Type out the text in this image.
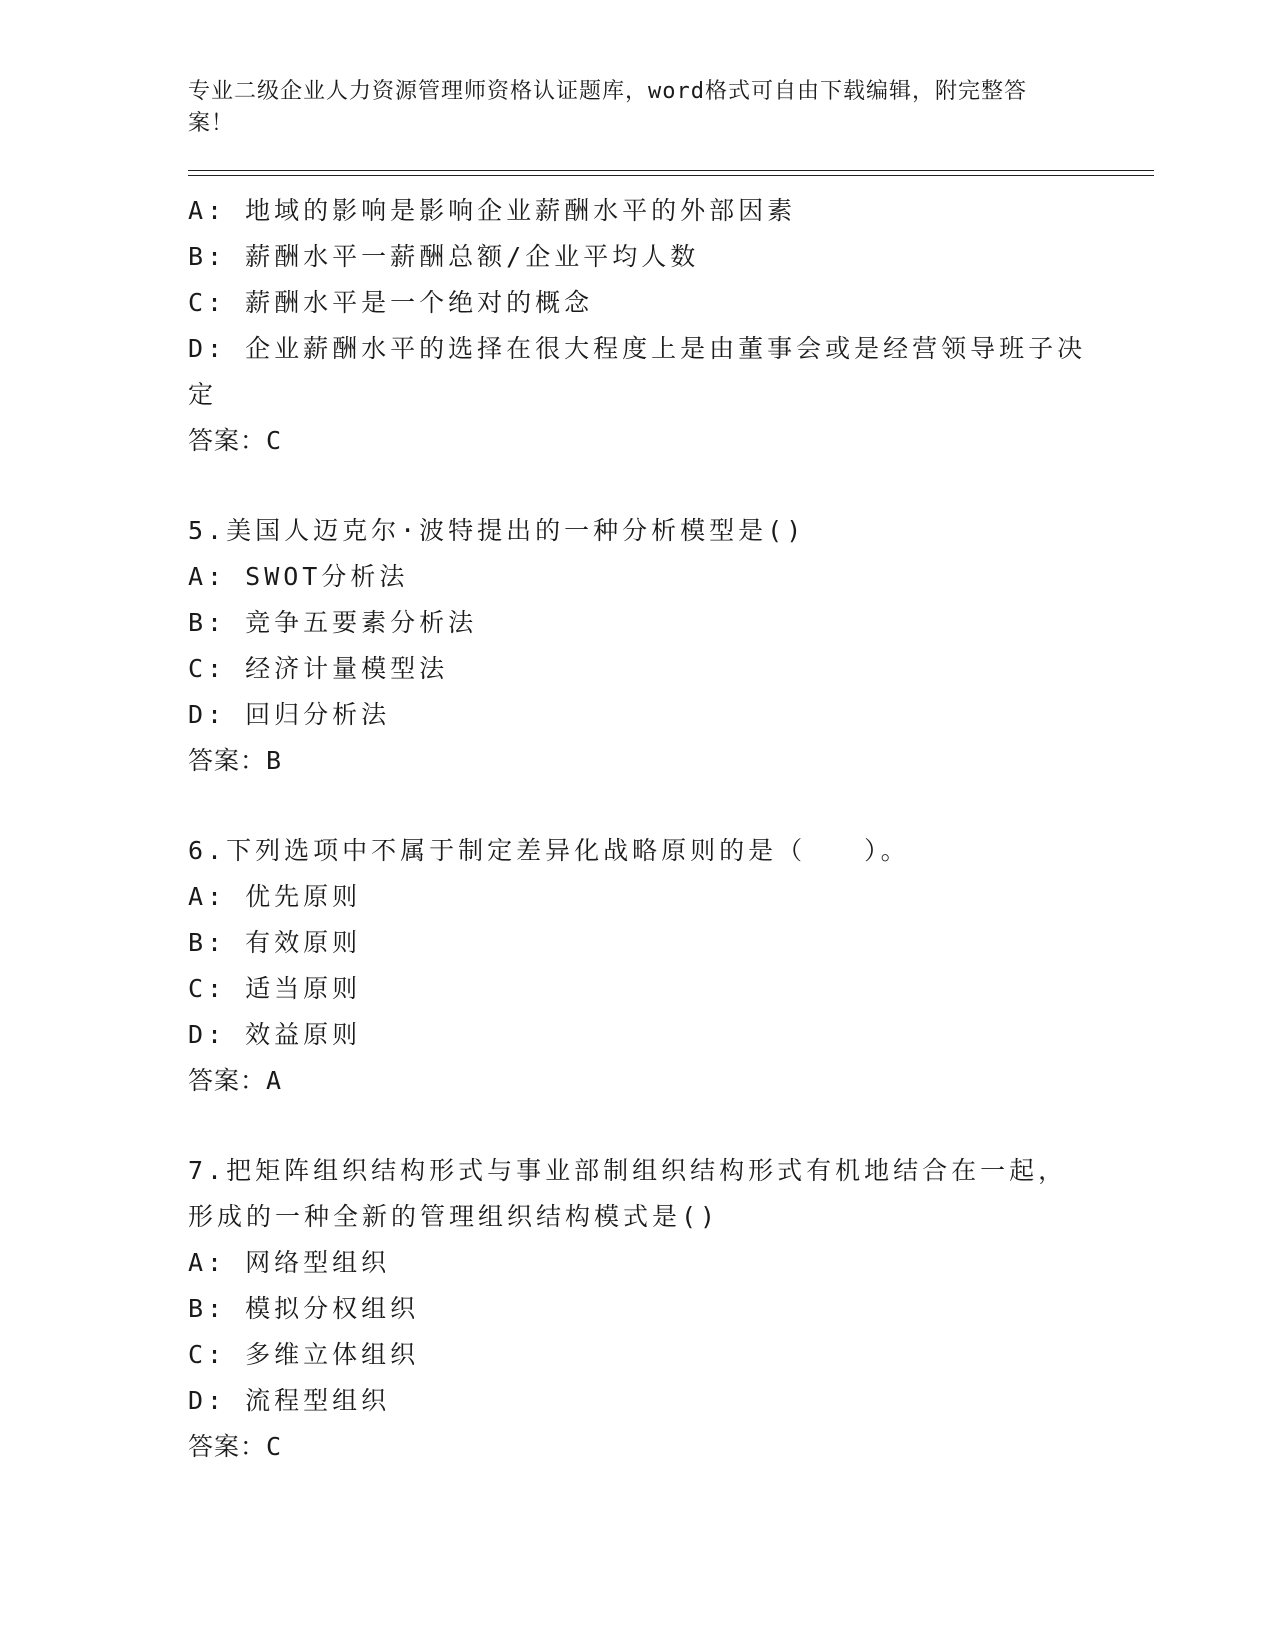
专业二级企业人力资源管理师资格认证题库，word格式可自由下载编辑，附完整答案！
A: 地域的影响是影响企业薪酬水平的外部因素
B: 薪酬水平一薪酬总额/企业平均人数
C: 薪酬水平是一个绝对的概念
D: 企业薪酬水平的选择在很大程度上是由董事会或是经营领导班子决定
答案：C
5.美国人迈克尔·波特提出的一种分析模型是()
A: SWOT分析法
B: 竞争五要素分析法
C: 经济计量模型法
D: 回归分析法
答案：B
6.下列选项中不属于制定差异化战略原则的是（　　）。
A: 优先原则
B: 有效原则
C: 适当原则
D: 效益原则
答案：A
7.把矩阵组织结构形式与事业部制组织结构形式有机地结合在一起，形成的一种全新的管理组织结构模式是()
A: 网络型组织
B: 模拟分权组织
C: 多维立体组织
D: 流程型组织
答案：C
